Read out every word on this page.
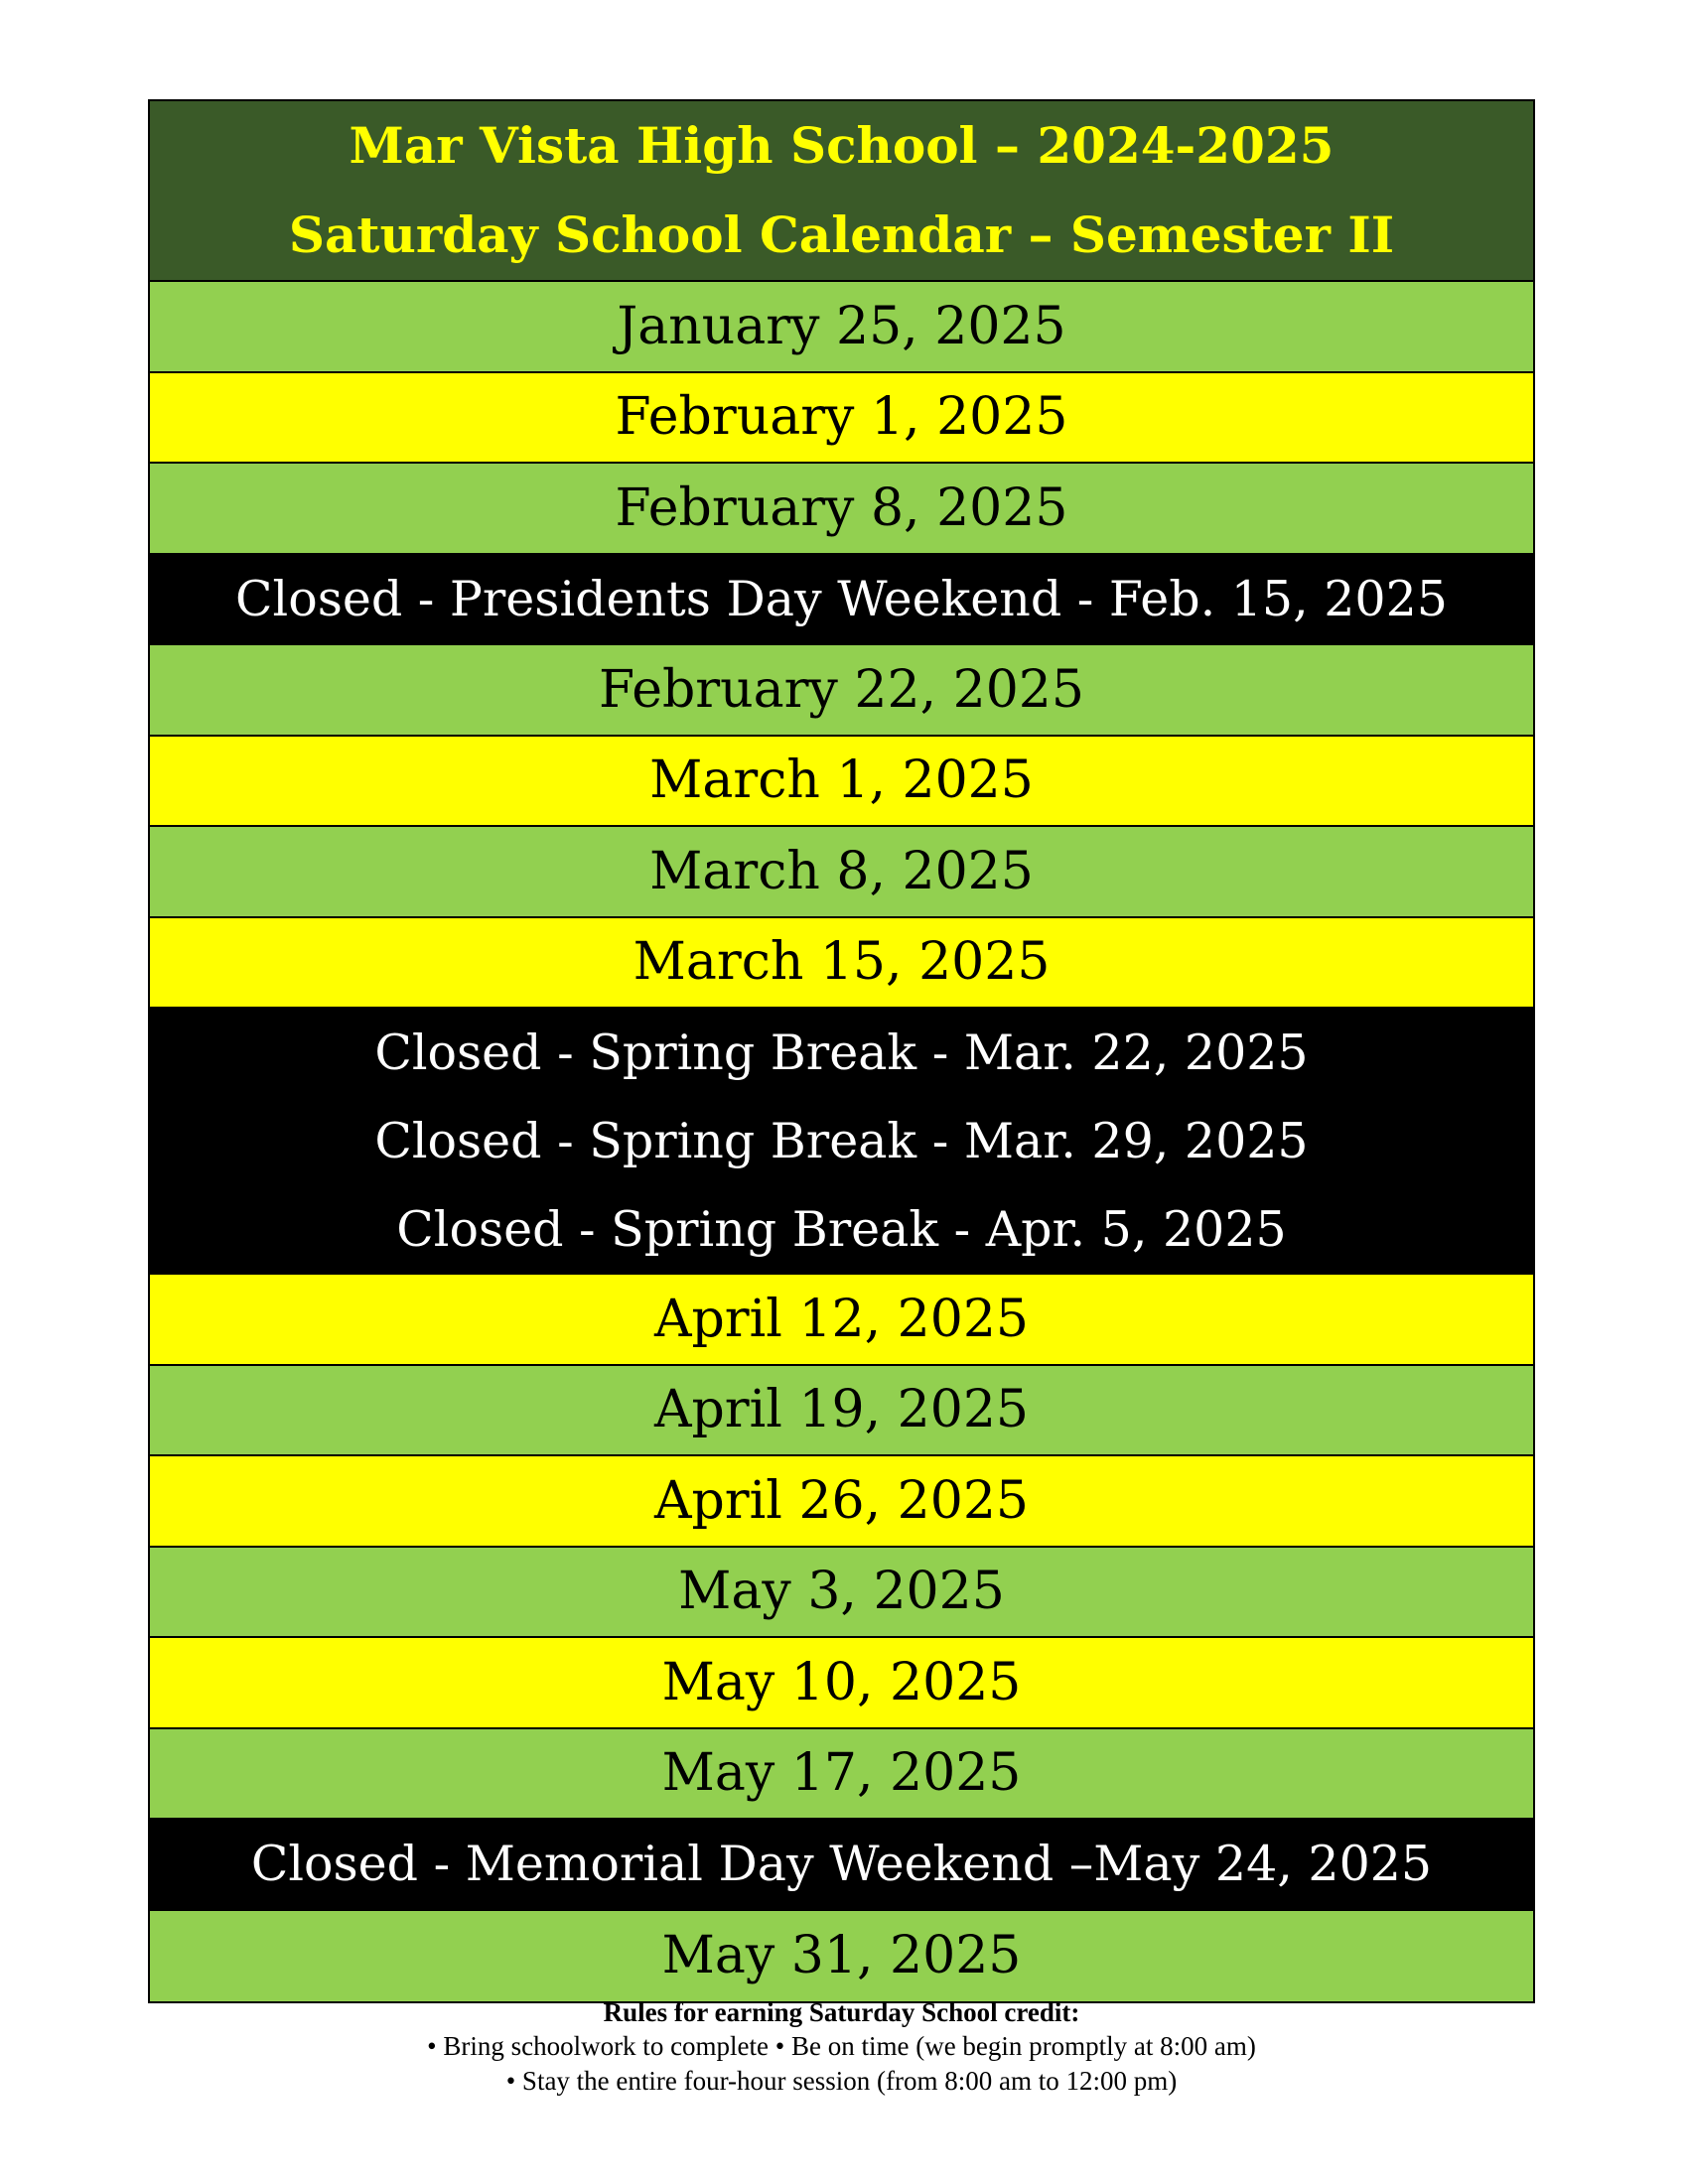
Mar Vista High School – 2024-2025
Saturday School Calendar – Semester II
January 25, 2025
February 1, 2025
February 8, 2025
Closed - Presidents Day Weekend - Feb. 15, 2025
February 22, 2025
March 1, 2025
March 8, 2025
March 15, 2025
Closed - Spring Break - Mar. 22, 2025
Closed - Spring Break - Mar. 29, 2025
Closed - Spring Break - Apr. 5, 2025
April 12, 2025
April 19, 2025
April 26, 2025
May 3, 2025
May 10, 2025
May 17, 2025
Closed - Memorial Day Weekend –May 24, 2025
May 31, 2025
Rules for earning Saturday School credit:
• Bring schoolwork to complete • Be on time (we begin promptly at 8:00 am)
• Stay the entire four-hour session (from 8:00 am to 12:00 pm)
